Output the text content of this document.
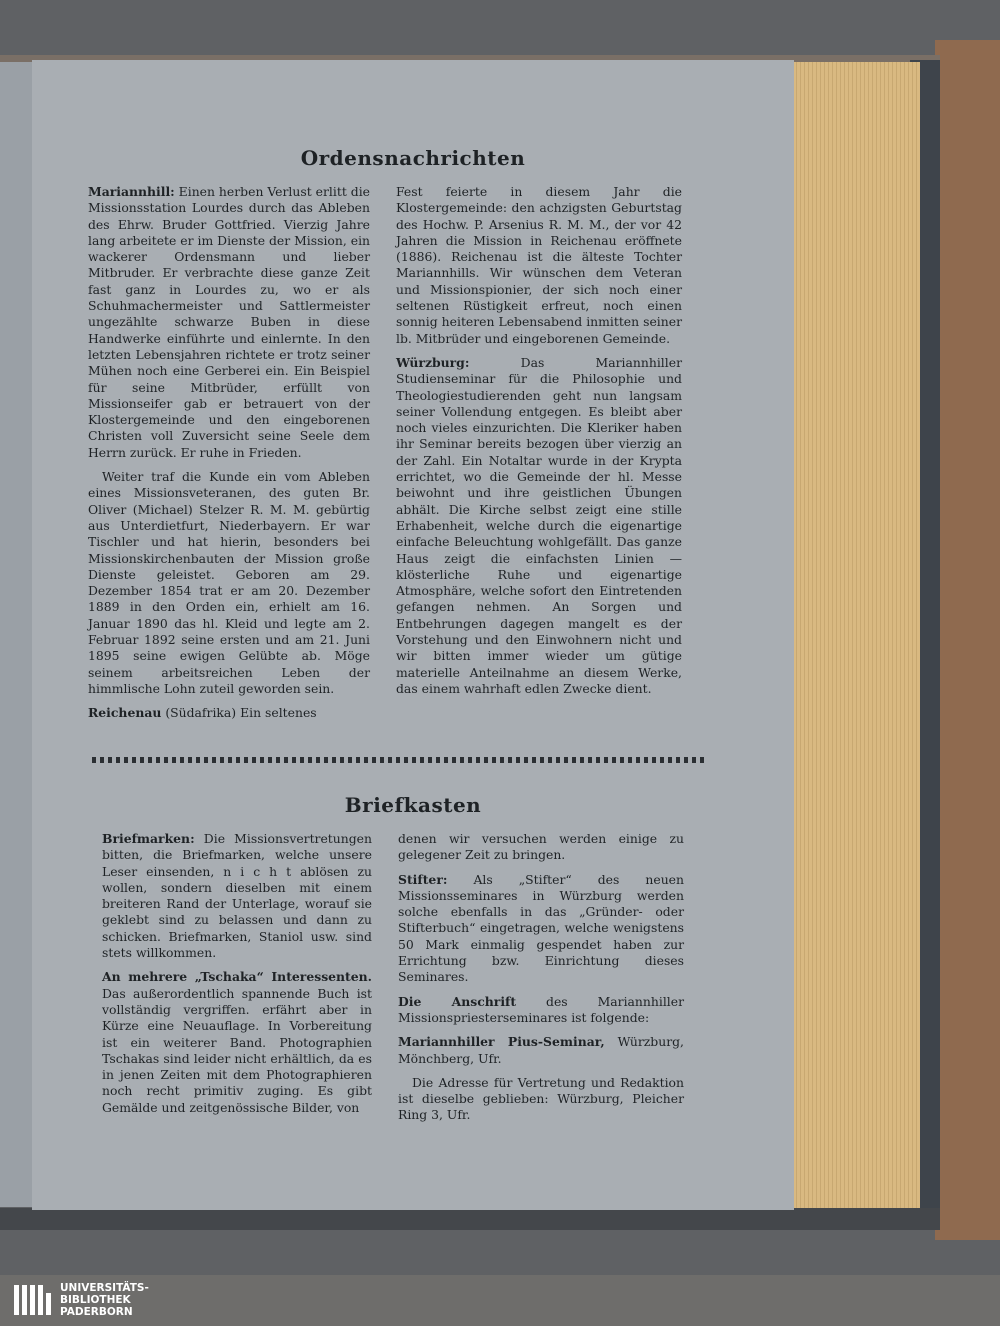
Ordensnachrichten

Mariannhill: Einen herben Verlust erlitt die Missionsstation Lourdes durch das Ableben des Ehrw. Bruder Gottfried. Vierzig Jahre lang arbeitete er im Dienste der Mission, ein wackerer Ordensmann und lieber Mitbruder. Er verbrachte diese ganze Zeit fast ganz in Lourdes zu, wo er als Schuhmachermeister und Sattlermeister ungezählte schwarze Buben in diese Handwerke einführte und einlernte. In den letzten Lebensjahren richtete er trotz seiner Mühen noch eine Gerberei ein. Ein Beispiel für seine Mitbrüder, erfüllt von Missionseifer gab er betrauert von der Klostergemeinde und den eingeborenen Christen voll Zuversicht seine Seele dem Herrn zurück. Er ruhe in Frieden.

Weiter traf die Kunde ein vom Ableben eines Missionsveteranen, des guten Br. Oliver (Michael) Stelzer R. M. M. gebürtig aus Unterdietfurt, Niederbayern. Er war Tischler und hat hierin, besonders bei Missionskirchenbauten der Mission große Dienste geleistet. Geboren am 29. Dezember 1854 trat er am 20. Dezember 1889 in den Orden ein, erhielt am 16. Januar 1890 das hl. Kleid und legte am 2. Februar 1892 seine ersten und am 21. Juni 1895 seine ewigen Gelübte ab. Möge seinem arbeitsreichen Leben der himmlische Lohn zuteil geworden sein.

Reichenau (Südafrika) Ein seltenes

Fest feierte in diesem Jahr die Klostergemeinde: den achzigsten Geburtstag des Hochw. P. Arsenius R. M. M., der vor 42 Jahren die Mission in Reichenau eröffnete (1886). Reichenau ist die älteste Tochter Mariannhills. Wir wünschen dem Veteran und Missionspionier, der sich noch einer seltenen Rüstigkeit erfreut, noch einen sonnig heiteren Lebensabend inmitten seiner lb. Mitbrüder und eingeborenen Gemeinde.

Würzburg: Das Mariannhiller Studienseminar für die Philosophie und Theologiestudierenden geht nun langsam seiner Vollendung entgegen. Es bleibt aber noch vieles einzurichten. Die Kleriker haben ihr Seminar bereits bezogen über vierzig an der Zahl. Ein Notaltar wurde in der Krypta errichtet, wo die Gemeinde der hl. Messe beiwohnt und ihre geistlichen Übungen abhält. Die Kirche selbst zeigt eine stille Erhabenheit, welche durch die eigenartige einfache Beleuchtung wohlgefällt. Das ganze Haus zeigt die einfachsten Linien — klösterliche Ruhe und eigenartige Atmosphäre, welche sofort den Eintretenden gefangen nehmen. An Sorgen und Entbehrungen dagegen mangelt es der Vorstehung und den Einwohnern nicht und wir bitten immer wieder um gütige materielle Anteilnahme an diesem Werke, das einem wahrhaft edlen Zwecke dient.

Briefkasten

Briefmarken: Die Missionsvertretungen bitten, die Briefmarken, welche unsere Leser einsenden, n i c h t ablösen zu wollen, sondern dieselben mit einem breiteren Rand der Unterlage, worauf sie geklebt sind zu belassen und dann zu schicken. Briefmarken, Staniol usw. sind stets willkommen.

An mehrere „Tschaka“ Interessenten. Das außerordentlich spannende Buch ist vollständig vergriffen. erfährt aber in Kürze eine Neuauflage. In Vorbereitung ist ein weiterer Band. Photographien Tschakas sind leider nicht erhältlich, da es in jenen Zeiten mit dem Photographieren noch recht primitiv zuging. Es gibt Gemälde und zeitgenössische Bilder, von

denen wir versuchen werden einige zu gelegener Zeit zu bringen.

Stifter: Als „Stifter“ des neuen Missionsseminares in Würzburg werden solche ebenfalls in das „Gründer- oder Stifterbuch“ eingetragen, welche wenigstens 50 Mark einmalig gespendet haben zur Errichtung bzw. Einrichtung dieses Seminares.

Die Anschrift des Mariannhiller Missionspriesterseminares ist folgende:

Mariannhiller Pius-Seminar, Würzburg, Mönchberg, Ufr.

Die Adresse für Vertretung und Redaktion ist dieselbe geblieben: Würzburg, Pleicher Ring 3, Ufr.

UNIVERSITÄTS-
BIBLIOTHEK
PADERBORN
